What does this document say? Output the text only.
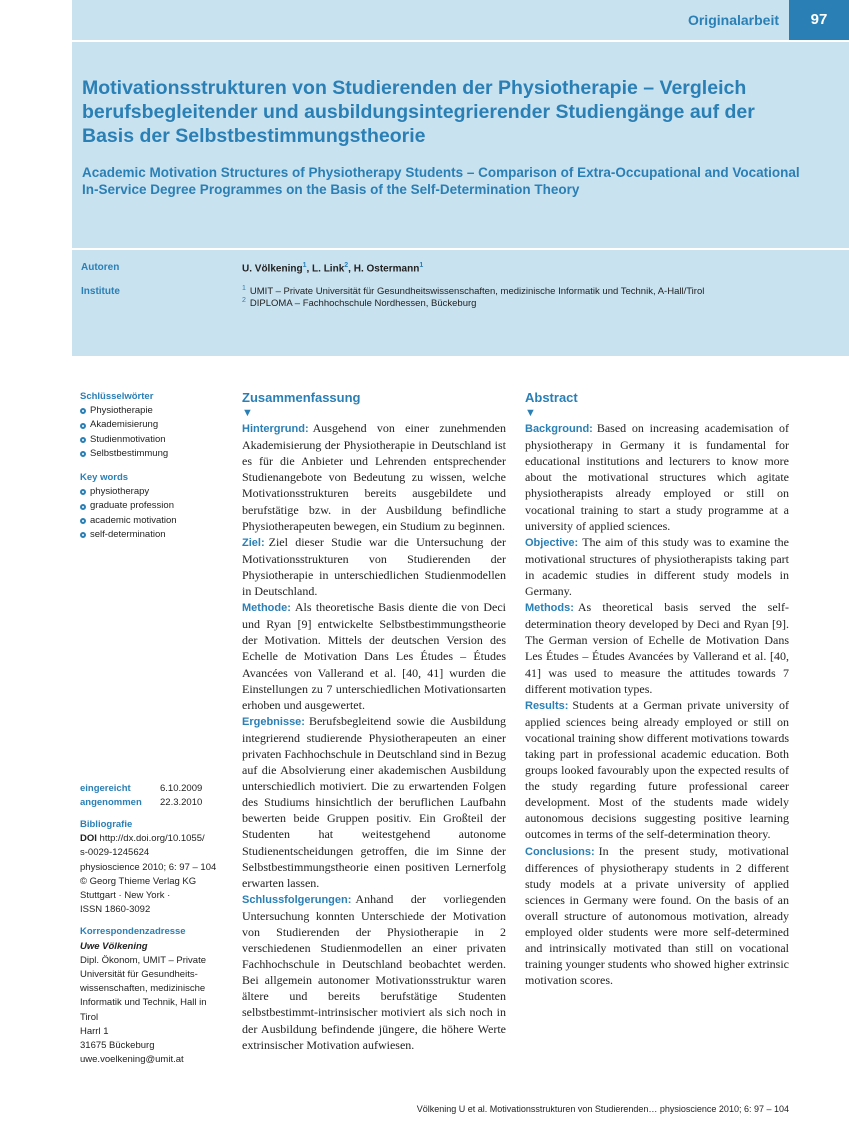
Originalarbeit	97
Motivationsstrukturen von Studierenden der Physiotherapie – Vergleich berufsbegleitender und ausbildungsintegrierender Studiengänge auf der Basis der Selbstbestimmungstheorie
Academic Motivation Structures of Physiotherapy Students – Comparison of Extra-Occupational and Vocational In-Service Degree Programmes on the Basis of the Self-Determination Theory
Autoren	U. Völkening$^1$, L. Link$^2$, H. Ostermann$^1$
Institute	$^1$ UMIT – Private Universität für Gesundheitswissenschaften, medizinische Informatik und Technik, A-Hall/Tirol
$^2$ DIPLOMA – Fachhochschule Nordhessen, Bückeburg
Schlüsselwörter
Physiotherapie
Akademisierung
Studienmotivation
Selbstbestimmung
Key words
physiotherapy
graduate profession
academic motivation
self-determination
eingereicht	6.10.2009
angenommen	22.3.2010
Bibliografie
DOI http://dx.doi.org/10.1055/
s-0029-1245624
physioscience 2010; 6: 97 – 104
© Georg Thieme Verlag KG
Stuttgart · New York ·
ISSN 1860-3092
Korrespondenzadresse
Uwe Völkening
Dipl. Ökonom, UMIT – Private
Universität für Gesundheits-
wissenschaften, medizinische
Informatik und Technik, Hall in
Tirol
Harrl 1
31675 Bückeburg
uwe.voelkening@umit.at
Zusammenfassung
▼

Hintergrund: Ausgehend von einer zunehmenden Akademisierung der Physiotherapie in Deutschland ist es für die Anbieter und Lehrenden entsprechender Studienangebote von Bedeutung zu wissen, welche Motivationsstrukturen bereits ausgebildete und berufstätige bzw. in der Ausbildung befindliche Physiotherapeuten bewegen, ein Studium zu beginnen.

Ziel: Ziel dieser Studie war die Untersuchung der Motivationsstrukturen von Studierenden der Physiotherapie in unterschiedlichen Studienmodellen in Deutschland.

Methode: Als theoretische Basis diente die von Deci und Ryan [9] entwickelte Selbstbestimmungstheorie der Motivation. Mittels der deutschen Version des Echelle de Motivation Dans Les Études – Études Avancées von Vallerand et al. [40, 41] wurden die Einstellungen zu 7 unterschiedlichen Motivationsarten erhoben und ausgewertet.

Ergebnisse: Berufsbegleitend sowie die Ausbildung integrierend studierende Physiotherapeuten an einer privaten Fachhochschule in Deutschland sind in Bezug auf die Absolvierung einer akademischen Ausbildung unterschiedlich motiviert. Die zu erwartenden Folgen des Studiums hinsichtlich der beruflichen Laufbahn bewerten beide Gruppen positiv. Ein Großteil der Studenten hat weitestgehend autonome Studienentscheidungen getroffen, die im Sinne der Selbstbestimmungstheorie einen positiven Lernerfolg erwarten lassen.

Schlussfolgerungen: Anhand der vorliegenden Untersuchung konnten Unterschiede der Motivation von Studierenden der Physiotherapie in 2 verschiedenen Studienmodellen an einer privaten Fachhochschule in Deutschland beobachtet werden. Bei allgemein autonomer Motivationsstruktur waren ältere und bereits berufstätige Studenten selbstbestimmt-intrinsischer motiviert als sich noch in der Ausbildung befindende jüngere, die höhere Werte extrinsischer Motivation aufwiesen.

Abstract
▼

Background: Based on increasing academisation of physiotherapy in Germany it is fundamental for educational institutions and lecturers to know more about the motivational structures which agitate physiotherapists already employed or still on vocational training to start a study programme at a university of applied sciences.

Objective: The aim of this study was to examine the motivational structures of physiotherapists taking part in academic studies in different study models in Germany.

Methods: As theoretical basis served the self-determination theory developed by Deci and Ryan [9]. The German version of Echelle de Motivation Dans Les Études – Études Avancées by Vallerand et al. [40, 41] was used to measure the attitudes towards 7 different motivation types.

Results: Students at a German private university of applied sciences being already employed or still on vocational training show different motivations towards taking part in professional academic education. Both groups looked favourably upon the expected results of the study regarding future professional career development. Most of the students made widely autonomous decisions suggesting positive learning outcomes in terms of the self-determination theory.

Conclusions: In the present study, motivational differences of physiotherapy students in 2 different study models at a private university of applied sciences in Germany were found. On the basis of an overall structure of autonomous motivation, already employed older students were more self-determined and intrinsically motivated than still on vocational training younger students who showed higher extrinsic motivation scores.

Völkening U et al. Motivationsstrukturen von Studierenden… physioscience 2010; 6: 97 – 104
